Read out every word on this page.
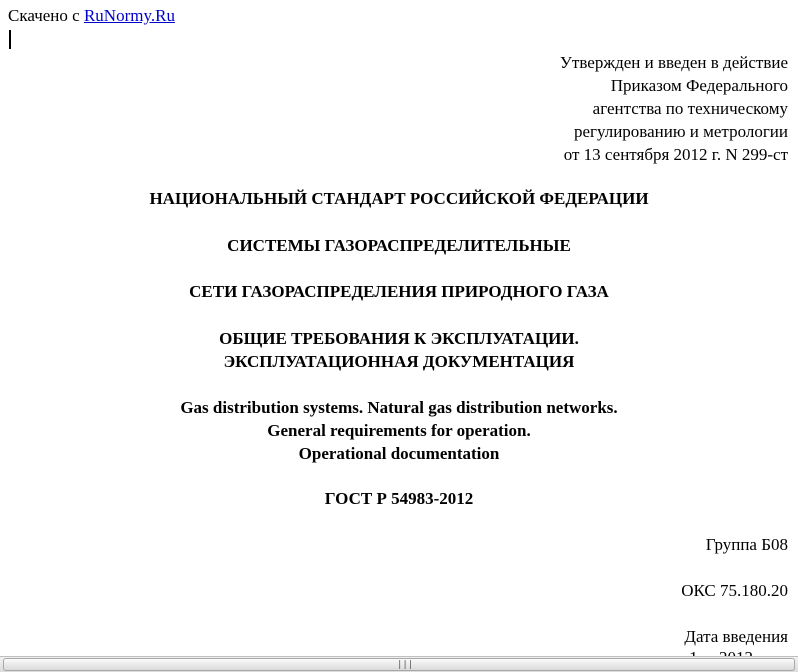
Скачено с RuNormy.Ru
Утвержден и введен в действие
Приказом Федерального
агентства по техническому
регулированию и метрологии
от 13 сентября 2012 г. N 299-ст
НАЦИОНАЛЬНЫЙ СТАНДАРТ РОССИЙСКОЙ ФЕДЕРАЦИИ
СИСТЕМЫ ГАЗОРАСПРЕДЕЛИТЕЛЬНЫЕ
СЕТИ ГАЗОРАСПРЕДЕЛЕНИЯ ПРИРОДНОГО ГАЗА
ОБЩИЕ ТРЕБОВАНИЯ К ЭКСПЛУАТАЦИИ.
ЭКСПЛУАТАЦИОННАЯ ДОКУМЕНТАЦИЯ
Gas distribution systems. Natural gas distribution networks.
General requirements for operation.
Operational documentation
ГОСТ Р 54983-2012
Группа Б08
ОКС 75.180.20
Дата введения
|||
